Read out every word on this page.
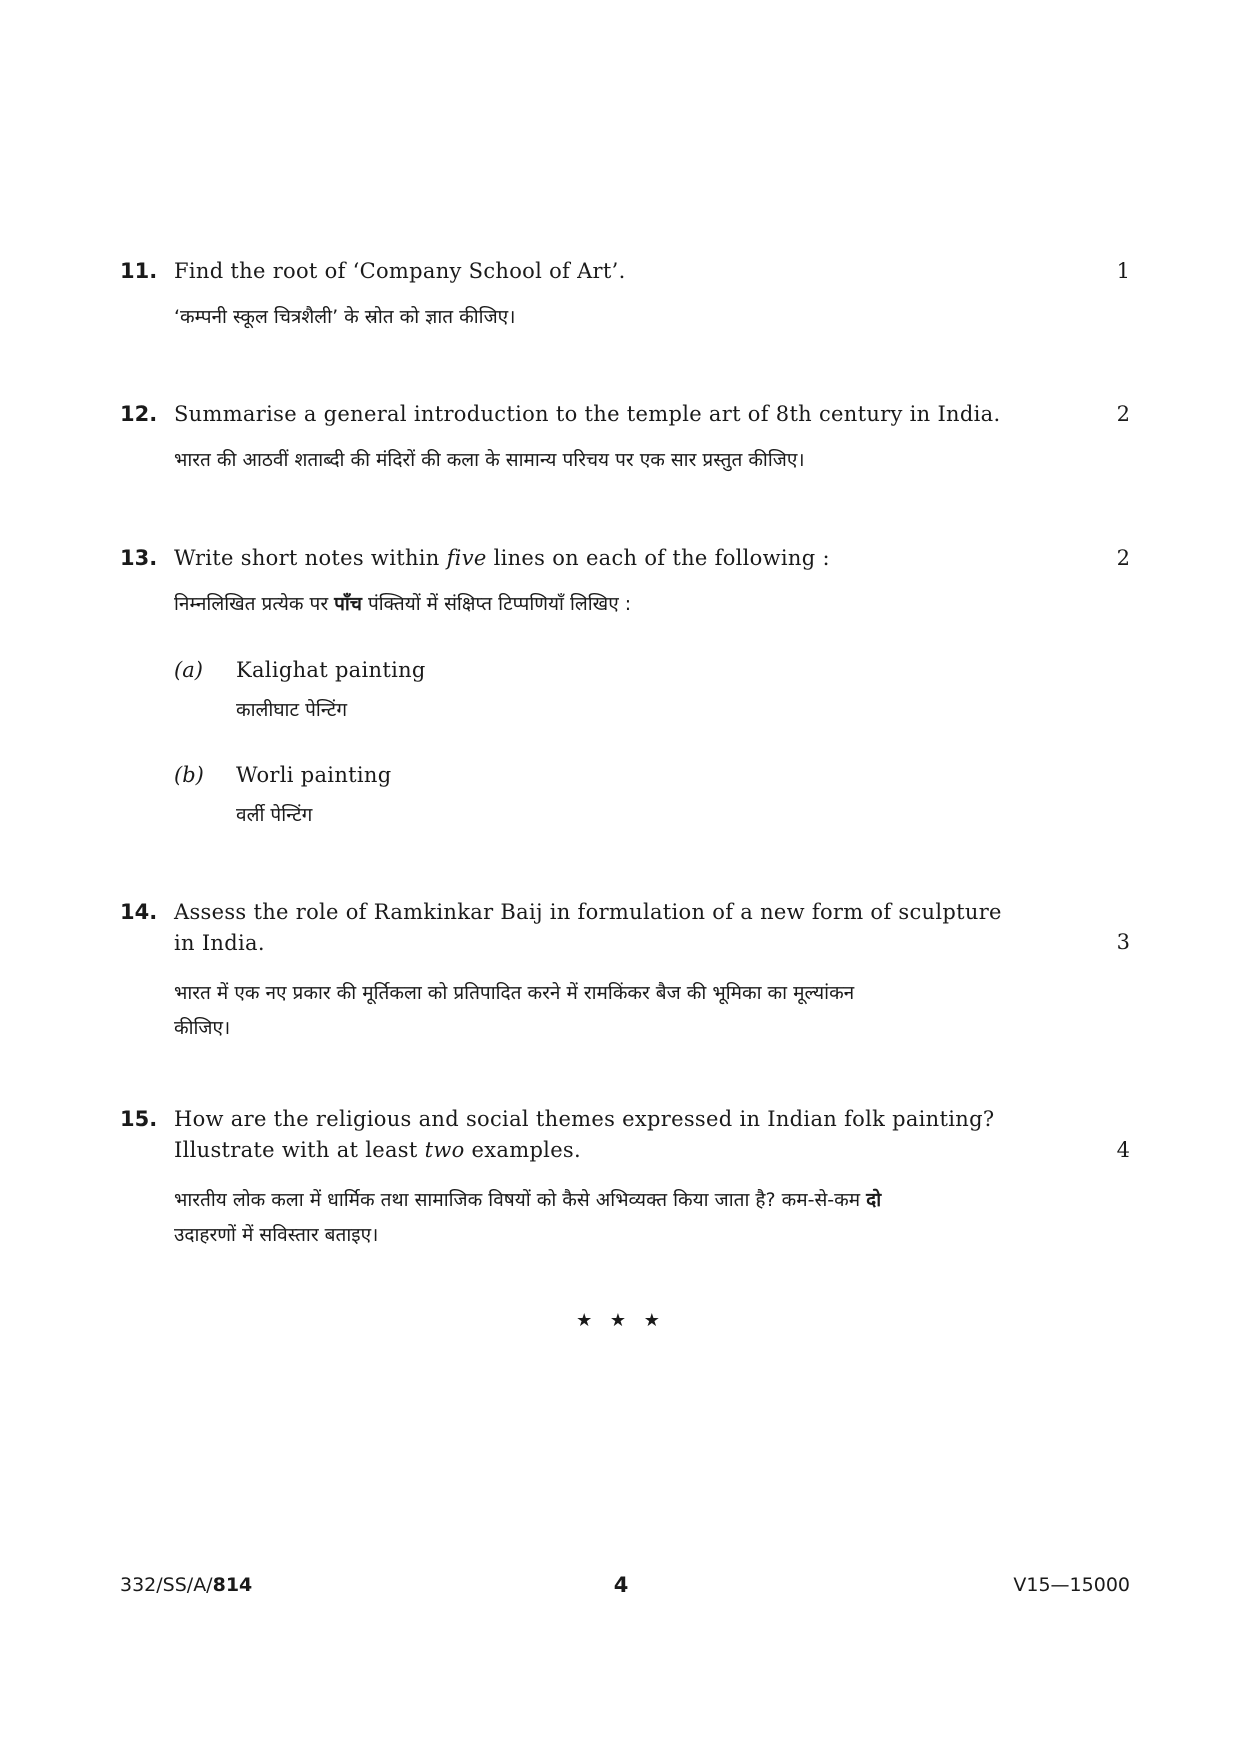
11. Find the root of ‘Company School of Art’.	1
‘कम्पनी स्कूल चित्रशैली’ के स्रोत को ज्ञात कीजिए।
12. Summarise a general introduction to the temple art of 8th century in India.	2
भारत की आठवीं शताब्दी की मंदिरों की कला के सामान्य परिचय पर एक सार प्रस्तुत कीजिए।
13. Write short notes within five lines on each of the following :	2
निम्नलिखित प्रत्येक पर पाँच पंक्तियों में संक्षिप्त टिप्पणियाँ लिखिए :
(a) Kalighat painting
कालीघाट पेन्टिंग
(b) Worli painting
वर्ली पेन्टिंग
14. Assess the role of Ramkinkar Baij in formulation of a new form of sculpture
in India.	3
भारत में एक नए प्रकार की मूर्तिकला को प्रतिपादित करने में रामकिंकर बैज की भूमिका का मूल्यांकन
कीजिए।
15. How are the religious and social themes expressed in Indian folk painting?
Illustrate with at least two examples.	4
भारतीय लोक कला में धार्मिक तथा सामाजिक विषयों को कैसे अभिव्यक्त किया जाता है? कम-से-कम दो
उदाहरणों में सविस्तार बताइए।
★ ★ ★
332/SS/A/814	4	V15—15000
